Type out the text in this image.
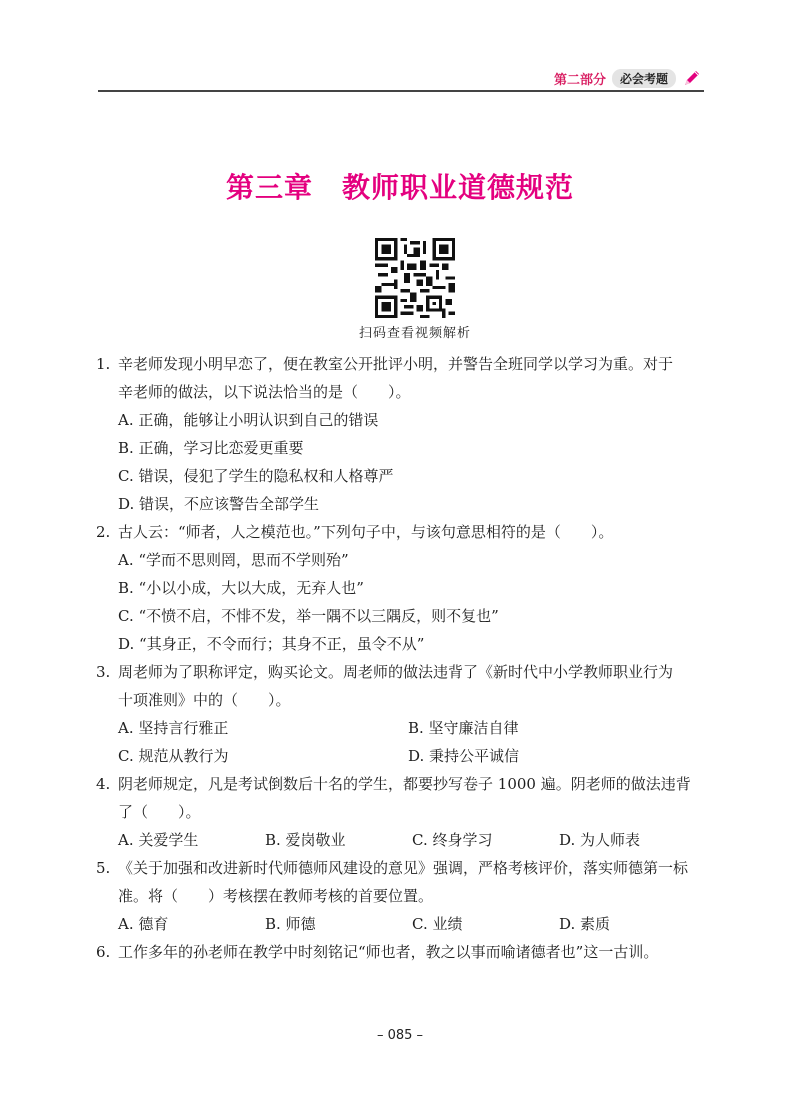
第二部分	必会考题
第三章　教师职业道德规范
扫码查看视频解析
1. 辛老师发现小明早恋了，便在教室公开批评小明，并警告全班同学以学习为重。对于
辛老师的做法，以下说法恰当的是（　　）。
A. 正确，能够让小明认识到自己的错误
B. 正确，学习比恋爱更重要
C. 错误，侵犯了学生的隐私权和人格尊严
D. 错误，不应该警告全部学生
2. 古人云：“师者，人之模范也。”下列句子中，与该句意思相符的是（　　）。
A. “学而不思则罔，思而不学则殆”
B. “小以小成，大以大成，无弃人也”
C. “不愤不启，不悱不发，举一隅不以三隅反，则不复也”
D. “其身正，不令而行；其身不正，虽令不从”
3. 周老师为了职称评定，购买论文。周老师的做法违背了《新时代中小学教师职业行为
十项准则》中的（　　）。
A. 坚持言行雅正	B. 坚守廉洁自律
C. 规范从教行为	D. 秉持公平诚信
4. 阴老师规定，凡是考试倒数后十名的学生，都要抄写卷子 1000 遍。阴老师的做法违背
了（　　）。
A. 关爱学生	B. 爱岗敬业	C. 终身学习	D. 为人师表
5. 《关于加强和改进新时代师德师风建设的意见》强调，严格考核评价，落实师德第一标
准。将（　　）考核摆在教师考核的首要位置。
A. 德育	B. 师德	C. 业绩	D. 素质
6. 工作多年的孙老师在教学中时刻铭记“师也者，教之以事而喻诸德者也”这一古训。
– 085 –
